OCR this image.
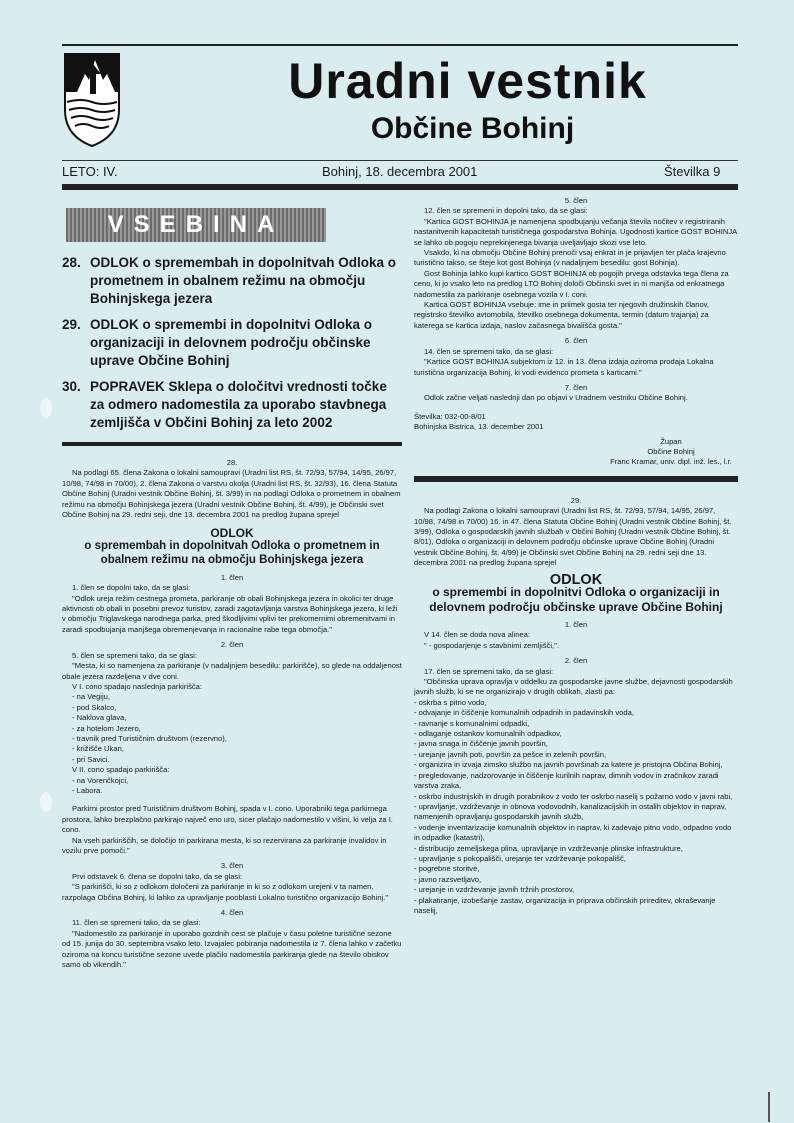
Uradni vestnik
Občine Bohinj
LETO: IV.	Bohinj, 18. decembra 2001	Številka 9
VSEBINA
28. ODLOK o spremembah in dopolnitvah Odloka o prometnem in obalnem režimu na območju Bohinjskega jezera
29. ODLOK o spremembi in dopolnitvi Odloka o organizaciji in delovnem področju občinske uprave Občine Bohinj
30. POPRAVEK Sklepa o določitvi vrednosti točke za odmero nadomestila za uporabo stavbnega zemljišča v Občini Bohinj za leto 2002
28.

Na podlagi 65. člena Zakona o lokalni samoupravi (Uradni list RS, št. 72/93, 57/94, 14/95, 26/97, 10/98, 74/98 in 70/00), 2. člena Zakona o varstvu okolja (Uradni list RS, št. 32/93), 16. člena Statuta Občine Bohinj (Uradni vestnik Občine Bohinj, št. 3/99) in na podlagi Odloka o prometnem in obalnem režimu na območju Bohinjskega jezera (Uradni vestnik Občine Bohinj, št. 4/99), je Občinski svet Občine Bohinj na 29. redni seji, dne 13. decembra 2001 na predlog župana sprejel

ODLOK
o spremembah in dopolnitvah Odloka o prometnem in obalnem režimu na območju Bohinjskega jezera
1. člen

1. člen se dopolni tako, da se glasi:

"Odlok ureja režim cestnega prometa, parkiranje ob obali Bohinjskega jezera in okolici ter druge aktivnosti ob obali in posebni prevoz turistov, zaradi zagotavljanja varstva Bohinjskega jezera, ki leži v območju Triglavskega narodnega parka, pred škodljivimi vplivi ter prekomernimi obremenitvami in zaradi spodbujanja manjšega obremenjevanja in racionalne rabe tega območja."

2. člen

5. člen se spremeni tako, da se glasi:

"Mesta, ki so namenjena za parkiranje (v nadaljnjem besedilu: parkirišče), so glede na oddaljenost obale jezera razdeljena v dve coni.

V I. cono spadajo naslednja parkirišča:

- na Vegiju,
- pod Skalco,
- Naklova glava,
- za hotelom Jezero,
- travnik pred Turističnim društvom (rezervno),
- križišče Ukan,
- pri Savici.

V II. cono spadajo parkirišča:

- na Vorenčkojci,
- Labora.

Parkirni prostor pred Turističnim društvom Bohinj, spada v I. cono. Uporabniki tega parkirnega prostora, lahko brezplačno parkirajo največ eno uro, sicer plačajo nadomestilo v višini, ki velja za I. cono.

Na vseh parkiriščih, se določijo tri parkirana mesta, ki so rezervirana za parkiranje invalidov in vozilu prve pomoči."

3. člen

Prvi odstavek 6. člena se dopolni tako, da se glasi:

"S parkirišči, ki so z odlokom določeni za parkiranje in ki so z odlokom urejeni v ta namen, razpolaga Občina Bohinj, ki lahko za upravljanje pooblasti Lokalno turistično organizacijo Bohinj."

4. člen

11. člen se spremeni tako, da se glasi:

"Nadomestilo za parkiranje in uporabo gozdnih cest se plačuje v času poletne turistične sezone od 15. junija do 30. septembra vsako leto. Izvajalec pobiranja nadomestila iz 7. člena lahko v začetku oziroma na koncu turistične sezone uvede plačilo nadomestila parkiranja glede na število obiskov samo ob vikendih."

5. člen

12. člen se spremeni in dopolni tako, da se glasi:

"Kartica GOST BOHINJA je namenjena spodbujanju večanja števila nočitev v registriranih nastanitvenih kapacitetah turističnega gospodarstva Bohinja. Ugodnosti kartice GOST BOHINJA se lahko ob pogoju neprekinjenega bivanja uveljavljajo skozi vse leto.

Vsakdo, ki na območju Občine Bohinj prenoči vsaj enkrat in je prijavljen ter plača krajevno turistično takso, se šteje kot gost Bohinja (v nadaljnjem besedilu: gost Bohinja).

Gost Bohinja lahko kupi kartico GOST BOHINJA ob pogojih prvega odstavka tega člena za ceno, ki jo vsako leto na predlog LTO Bohinj določi Občinski svet in ni manjša od enkratnega nadomestila za parkiranje osebnega vozila v I. coni.

Kartica GOST BOHINJA vsebuje: ime in priimek gosta ter njegovih družinskih članov, registrsko številko avtomobila, številko osebnega dokumenta, termin (datum trajanja) za katerega se kartica izdaja, naslov začasnega bivališča gosta."

6. člen

14. člen se spremeni tako, da se glasi:

"Kartice GOST BOHINJA subjektom iz 12. in 13. člena izdaja oziroma prodaja Lokalna turistična organizacija Bohinj, ki vodi evidenco prometa s karticami."

7. člen

Odlok začne veljati naslednji dan po objavi v Uradnem vestniku Občine Bohinj.

Številka: 032-00-8/01

Bohinjska Bistrica, 13. december 2001

Župan
Občine Bohinj
Franc Kramar, univ. dipl. inž. les., l.r.
29.

Na podlagi Zakona o lokalni samoupravi (Uradni list RS, št. 72/93, 57/94, 14/95, 26/97, 10/98, 74/98 in 70/00) 16. in 47. člena Statuta Občine Bohinj (Uradni vestnik Občine Bohinj, št. 3/99), Odloka o gospodarskih javnih službah v Občini Bohinj (Uradni vestnik Občine Bohinj, št. 8/01), Odloka o organizaciji in delovnem področju občinske uprave Občine Bohinj (Uradni vestnik Občine Bohinj, št. 4/99) je Občinski svet Občine Bohinj na 29. redni seji dne 13. decembra 2001 na predlog župana sprejel

ODLOK
o spremembi in dopolnitvi Odloka o organizaciji in delovnem področju občinske uprave Občine Bohinj
1. člen

V 14. člen se doda nova alinea:

" - gospodarjenje s stavbnimi zemljišči,".

2. člen

17. člen se spremeni tako, da se glasi:

"Občinska uprava opravlja v oddelku za gospodarske javne službe, dejavnosti gospodarskih javnih služb, ki se ne organizirajo v drugih oblikah, zlasti pa:

- oskrba s pitno vodo,
- odvajanje in čiščenje komunalnih odpadnih in padavinskih voda,
- ravnanje s komunalnimi odpadki,
- odlaganje ostankov komunalnih odpadkov,
- javna snaga in čiščenje javnih površin,
- urejanje javnih poti, površin za pešce in zelenih površin,
- organizira in izvaja zimsko službo na javnih površinah za katere je pristojna Občina Bohinj,
- pregledovanje, nadzorovanje in čiščenje kurilnih naprav, dimnih vodov in zračnikov zaradi varstva zraka,
- oskrbo industrijskih in drugih porabnikov z vodo ter oskrbo naselij s požarno vodo v javni rabi,
- upravljanje, vzdrževanje in obnova vodovodnih, kanalizacijskih in ostalih objektov in naprav, namenjenih opravljanju gospodarskih javnih služb,
- vodenje inventarizacije komunalnih objektov in naprav, ki zadevajo pitno vodo, odpadno vodo in odpadke (katastri),
- distribucijo zemeljskega plina, upravljanje in vzdrževanje plinske infrastrukture,
- upravljanje s pokopališči, urejanje ter vzdrževanje pokopališč,
- pogrebne storitve,
- javno razsvetljavo,
- urejanje in vzdrževanje javnih tržnih prostorov,
- plakatiranje, izobešanje zastav, organizacija in priprava občinskih prireditev, okraševanje naselij,
